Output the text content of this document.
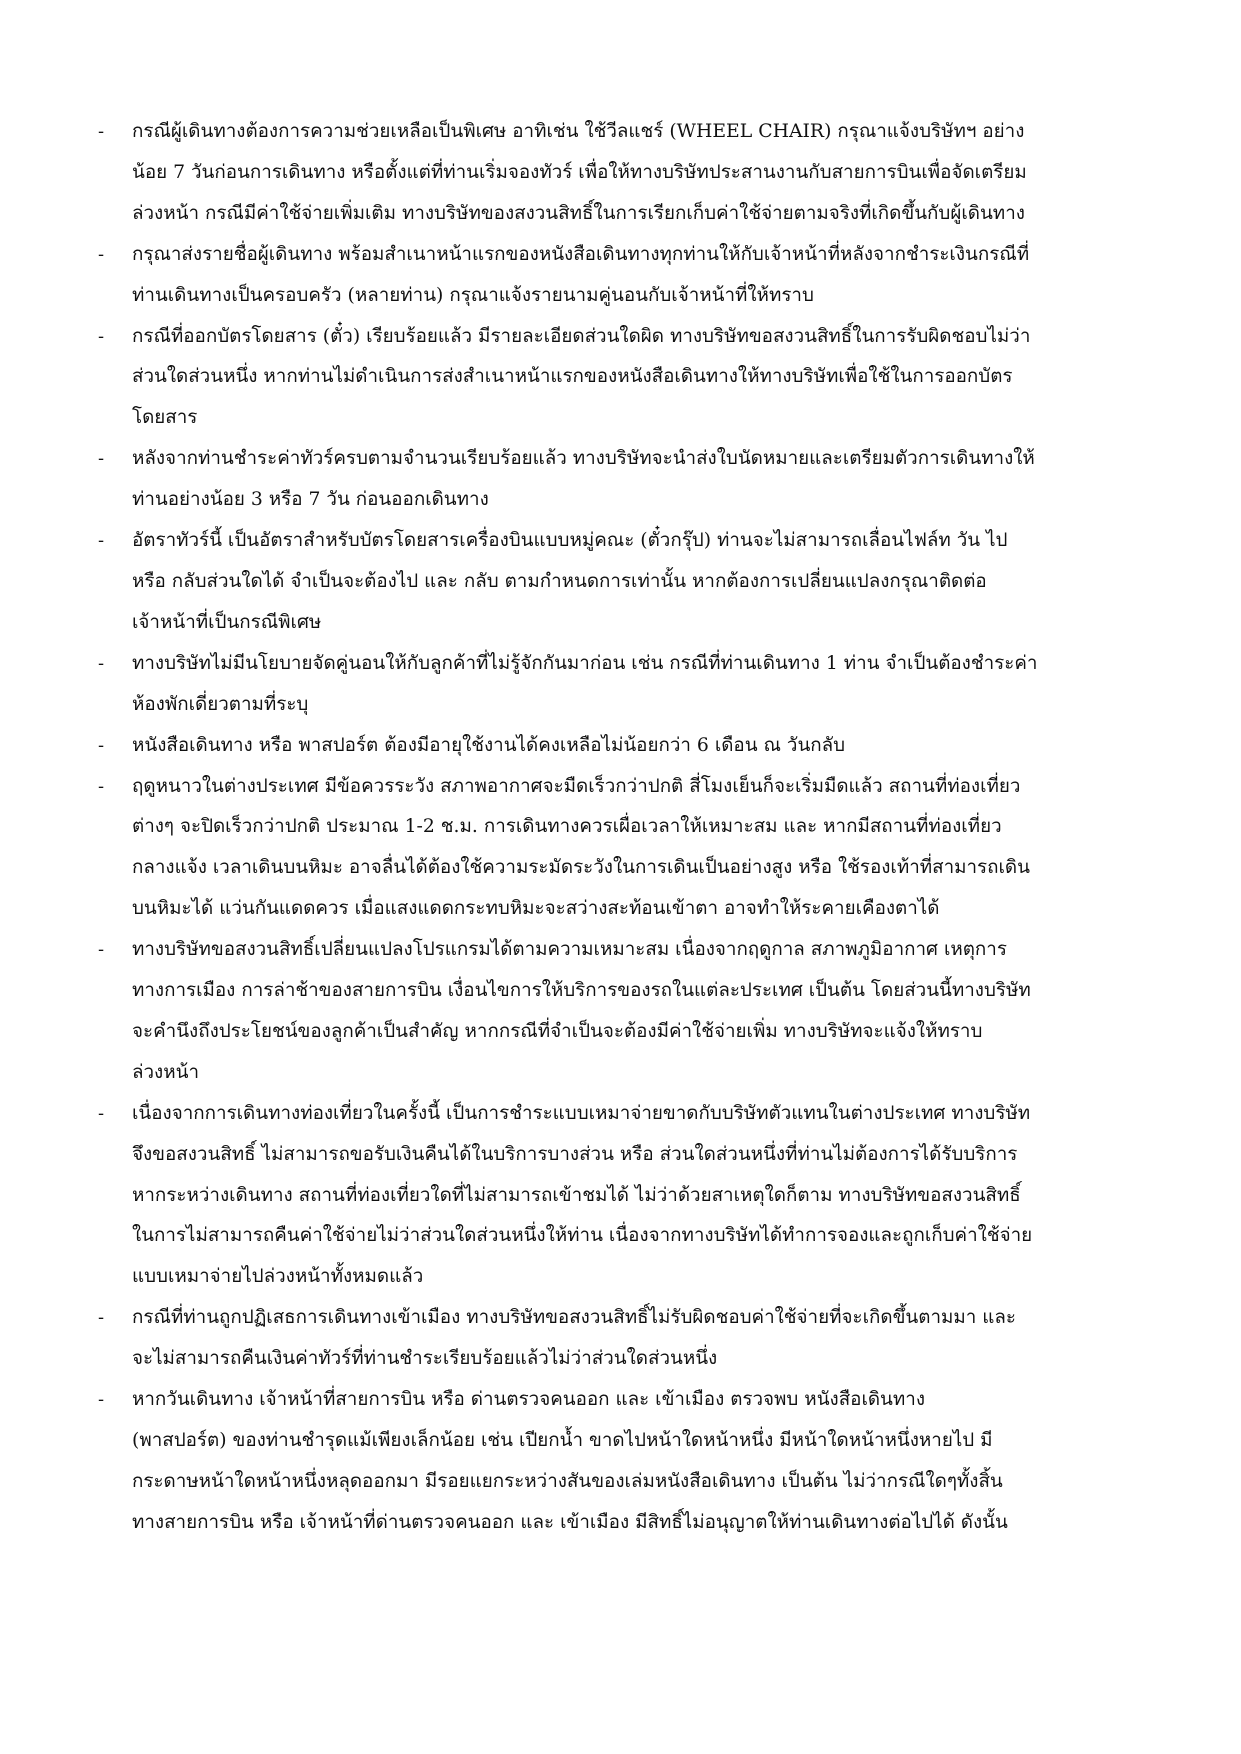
-	กรณีผู้เดินทางต้องการความช่วยเหลือเป็นพิเศษ อาทิเช่น ใช้วีลแชร์ (WHEEL CHAIR) กรุณาแจ้งบริษัทฯ อย่าง
น้อย 7 วันก่อนการเดินทาง หรือตั้งแต่ที่ท่านเริ่มจองทัวร์ เพื่อให้ทางบริษัทประสานงานกับสายการบินเพื่อจัดเตรียม
ล่วงหน้า กรณีมีค่าใช้จ่ายเพิ่มเติม ทางบริษัทของสงวนสิทธิ์ในการเรียกเก็บค่าใช้จ่ายตามจริงที่เกิดขึ้นกับผู้เดินทาง
-	กรุณาส่งรายชื่อผู้เดินทาง พร้อมสำเนาหน้าแรกของหนังสือเดินทางทุกท่านให้กับเจ้าหน้าที่หลังจากชำระเงินกรณีที่
ท่านเดินทางเป็นครอบครัว (หลายท่าน) กรุณาแจ้งรายนามคู่นอนกับเจ้าหน้าที่ให้ทราบ
-	กรณีที่ออกบัตรโดยสาร (ตั๋ว) เรียบร้อยแล้ว มีรายละเอียดส่วนใดผิด ทางบริษัทขอสงวนสิทธิ์ในการรับผิดชอบไม่ว่า
ส่วนใดส่วนหนึ่ง หากท่านไม่ดำเนินการส่งสำเนาหน้าแรกของหนังสือเดินทางให้ทางบริษัทเพื่อใช้ในการออกบัตร
โดยสาร
-	หลังจากท่านชำระค่าทัวร์ครบตามจำนวนเรียบร้อยแล้ว ทางบริษัทจะนำส่งใบนัดหมายและเตรียมตัวการเดินทางให้
ท่านอย่างน้อย 3 หรือ 7 วัน ก่อนออกเดินทาง
-	อัตราทัวร์นี้ เป็นอัตราสำหรับบัตรโดยสารเครื่องบินแบบหมู่คณะ (ตั๋วกรุ๊ป) ท่านจะไม่สามารถเลื่อนไฟล์ท วัน ไป
หรือ กลับส่วนใดได้ จำเป็นจะต้องไป และ กลับ ตามกำหนดการเท่านั้น หากต้องการเปลี่ยนแปลงกรุณาติดต่อ
เจ้าหน้าที่เป็นกรณีพิเศษ
-	ทางบริษัทไม่มีนโยบายจัดคู่นอนให้กับลูกค้าที่ไม่รู้จักกันมาก่อน เช่น กรณีที่ท่านเดินทาง 1 ท่าน จำเป็นต้องชำระค่า
ห้องพักเดี่ยวตามที่ระบุ
-	หนังสือเดินทาง หรือ พาสปอร์ต ต้องมีอายุใช้งานได้คงเหลือไม่น้อยกว่า 6 เดือน ณ วันกลับ
-	ฤดูหนาวในต่างประเทศ มีข้อควรระวัง สภาพอากาศจะมืดเร็วกว่าปกติ สี่โมงเย็นก็จะเริ่มมืดแล้ว สถานที่ท่องเที่ยว
ต่างๆ จะปิดเร็วกว่าปกติ ประมาณ 1-2 ช.ม. การเดินทางควรเผื่อเวลาให้เหมาะสม และ หากมีสถานที่ท่องเที่ยว
กลางแจ้ง เวลาเดินบนหิมะ อาจลื่นได้ต้องใช้ความระมัดระวังในการเดินเป็นอย่างสูง หรือ ใช้รองเท้าที่สามารถเดิน
บนหิมะได้ แว่นกันแดดควร เมื่อแสงแดดกระทบหิมะจะสว่างสะท้อนเข้าตา อาจทำให้ระคายเคืองตาได้
-	ทางบริษัทขอสงวนสิทธิ์เปลี่ยนแปลงโปรแกรมได้ตามความเหมาะสม เนื่องจากฤดูกาล สภาพภูมิอากาศ เหตุการ
ทางการเมือง การล่าช้าของสายการบิน เงื่อนไขการให้บริการของรถในแต่ละประเทศ เป็นต้น โดยส่วนนี้ทางบริษัท
จะคำนึงถึงประโยชน์ของลูกค้าเป็นสำคัญ หากกรณีที่จำเป็นจะต้องมีค่าใช้จ่ายเพิ่ม ทางบริษัทจะแจ้งให้ทราบ
ล่วงหน้า
-	เนื่องจากการเดินทางท่องเที่ยวในครั้งนี้ เป็นการชำระแบบเหมาจ่ายขาดกับบริษัทตัวแทนในต่างประเทศ ทางบริษัท
จึงขอสงวนสิทธิ์ ไม่สามารถขอรับเงินคืนได้ในบริการบางส่วน หรือ ส่วนใดส่วนหนึ่งที่ท่านไม่ต้องการได้รับบริการ
หากระหว่างเดินทาง สถานที่ท่องเที่ยวใดที่ไม่สามารถเข้าชมได้ ไม่ว่าด้วยสาเหตุใดก็ตาม ทางบริษัทขอสงวนสิทธิ์
ในการไม่สามารถคืนค่าใช้จ่ายไม่ว่าส่วนใดส่วนหนึ่งให้ท่าน เนื่องจากทางบริษัทได้ทำการจองและถูกเก็บค่าใช้จ่าย
แบบเหมาจ่ายไปล่วงหน้าทั้งหมดแล้ว
-	กรณีที่ท่านถูกปฏิเสธการเดินทางเข้าเมือง ทางบริษัทขอสงวนสิทธิ์ไม่รับผิดชอบค่าใช้จ่ายที่จะเกิดขึ้นตามมา และ
จะไม่สามารถคืนเงินค่าทัวร์ที่ท่านชำระเรียบร้อยแล้วไม่ว่าส่วนใดส่วนหนึ่ง
-	หากวันเดินทาง เจ้าหน้าที่สายการบิน หรือ ด่านตรวจคนออก และ เข้าเมือง ตรวจพบ หนังสือเดินทาง
(พาสปอร์ต) ของท่านชำรุดแม้เพียงเล็กน้อย เช่น เปียกน้ำ ขาดไปหน้าใดหน้าหนึ่ง มีหน้าใดหน้าหนึ่งหายไป มี
กระดาษหน้าใดหน้าหนึ่งหลุดออกมา มีรอยแยกระหว่างสันของเล่มหนังสือเดินทาง เป็นต้น ไม่ว่ากรณีใดๆทั้งสิ้น
ทางสายการบิน หรือ เจ้าหน้าที่ด่านตรวจคนออก และ เข้าเมือง มีสิทธิ์ไม่อนุญาตให้ท่านเดินทางต่อไปได้ ดังนั้น
